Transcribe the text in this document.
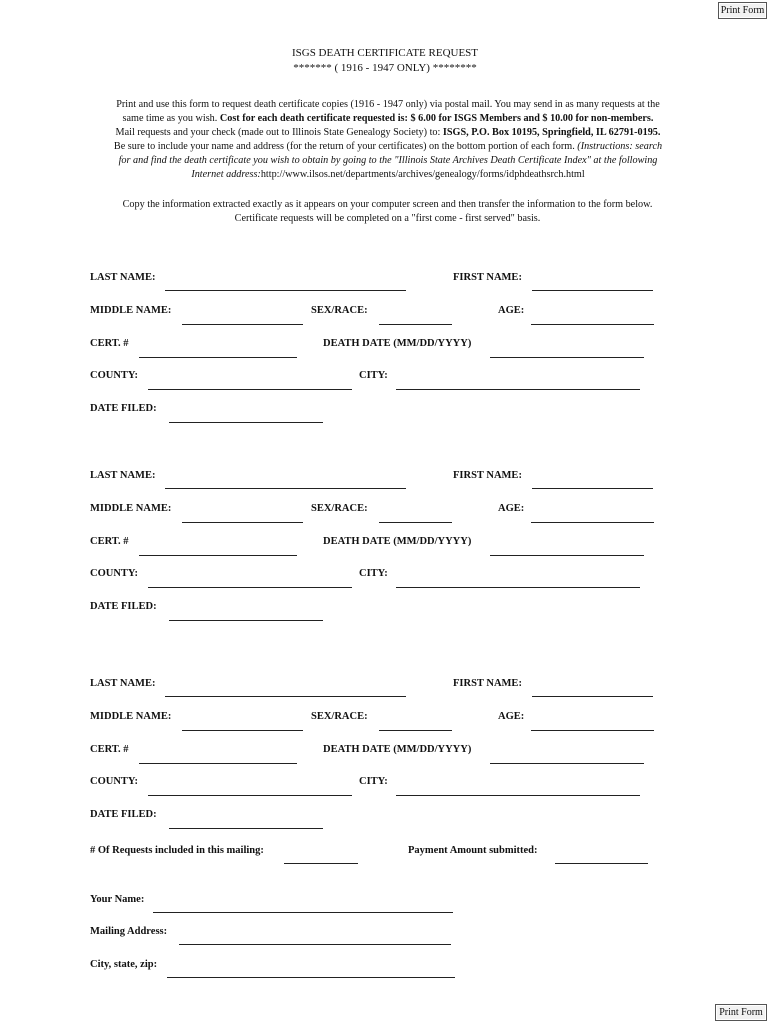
Print Form
ISGS DEATH CERTIFICATE REQUEST
******* ( 1916 - 1947 ONLY) ********
Print and use this form to request death certificate copies (1916 - 1947 only) via postal mail. You may send in as many requests at the
same time as you wish. Cost for each death certificate requested is: $ 6.00 for ISGS Members and $ 10.00 for non-members.
Mail requests and your check (made out to Illinois State Genealogy Society) to: ISGS, P.O. Box 10195, Springfield, IL 62791-0195.
Be sure to include your name and address (for the return of your certificates) on the bottom portion of each form. (Instructions: search
for and find the death certificate you wish to obtain by going to the "Illinois State Archives Death Certificate Index" at the following
Internet address:http://www.ilsos.net/departments/archives/genealogy/forms/idphdeathsrch.html
Copy the information extracted exactly as it appears on your computer screen and then transfer the information to the form below.
Certificate requests will be completed on a "first come - first served" basis.
LAST NAME:	FIRST NAME:
MIDDLE NAME:	SEX/RACE:	AGE:
CERT. #	DEATH DATE (MM/DD/YYYY)
COUNTY:	CITY:
DATE FILED:
LAST NAME:	FIRST NAME:
MIDDLE NAME:	SEX/RACE:	AGE:
CERT. #	DEATH DATE (MM/DD/YYYY)
COUNTY:	CITY:
DATE FILED:
LAST NAME:	FIRST NAME:
MIDDLE NAME:	SEX/RACE:	AGE:
CERT. #	DEATH DATE (MM/DD/YYYY)
COUNTY:	CITY:
DATE FILED:
# Of Requests included in this mailing:	Payment Amount submitted:
Your Name:
Mailing Address:
City, state, zip:
Print Form
